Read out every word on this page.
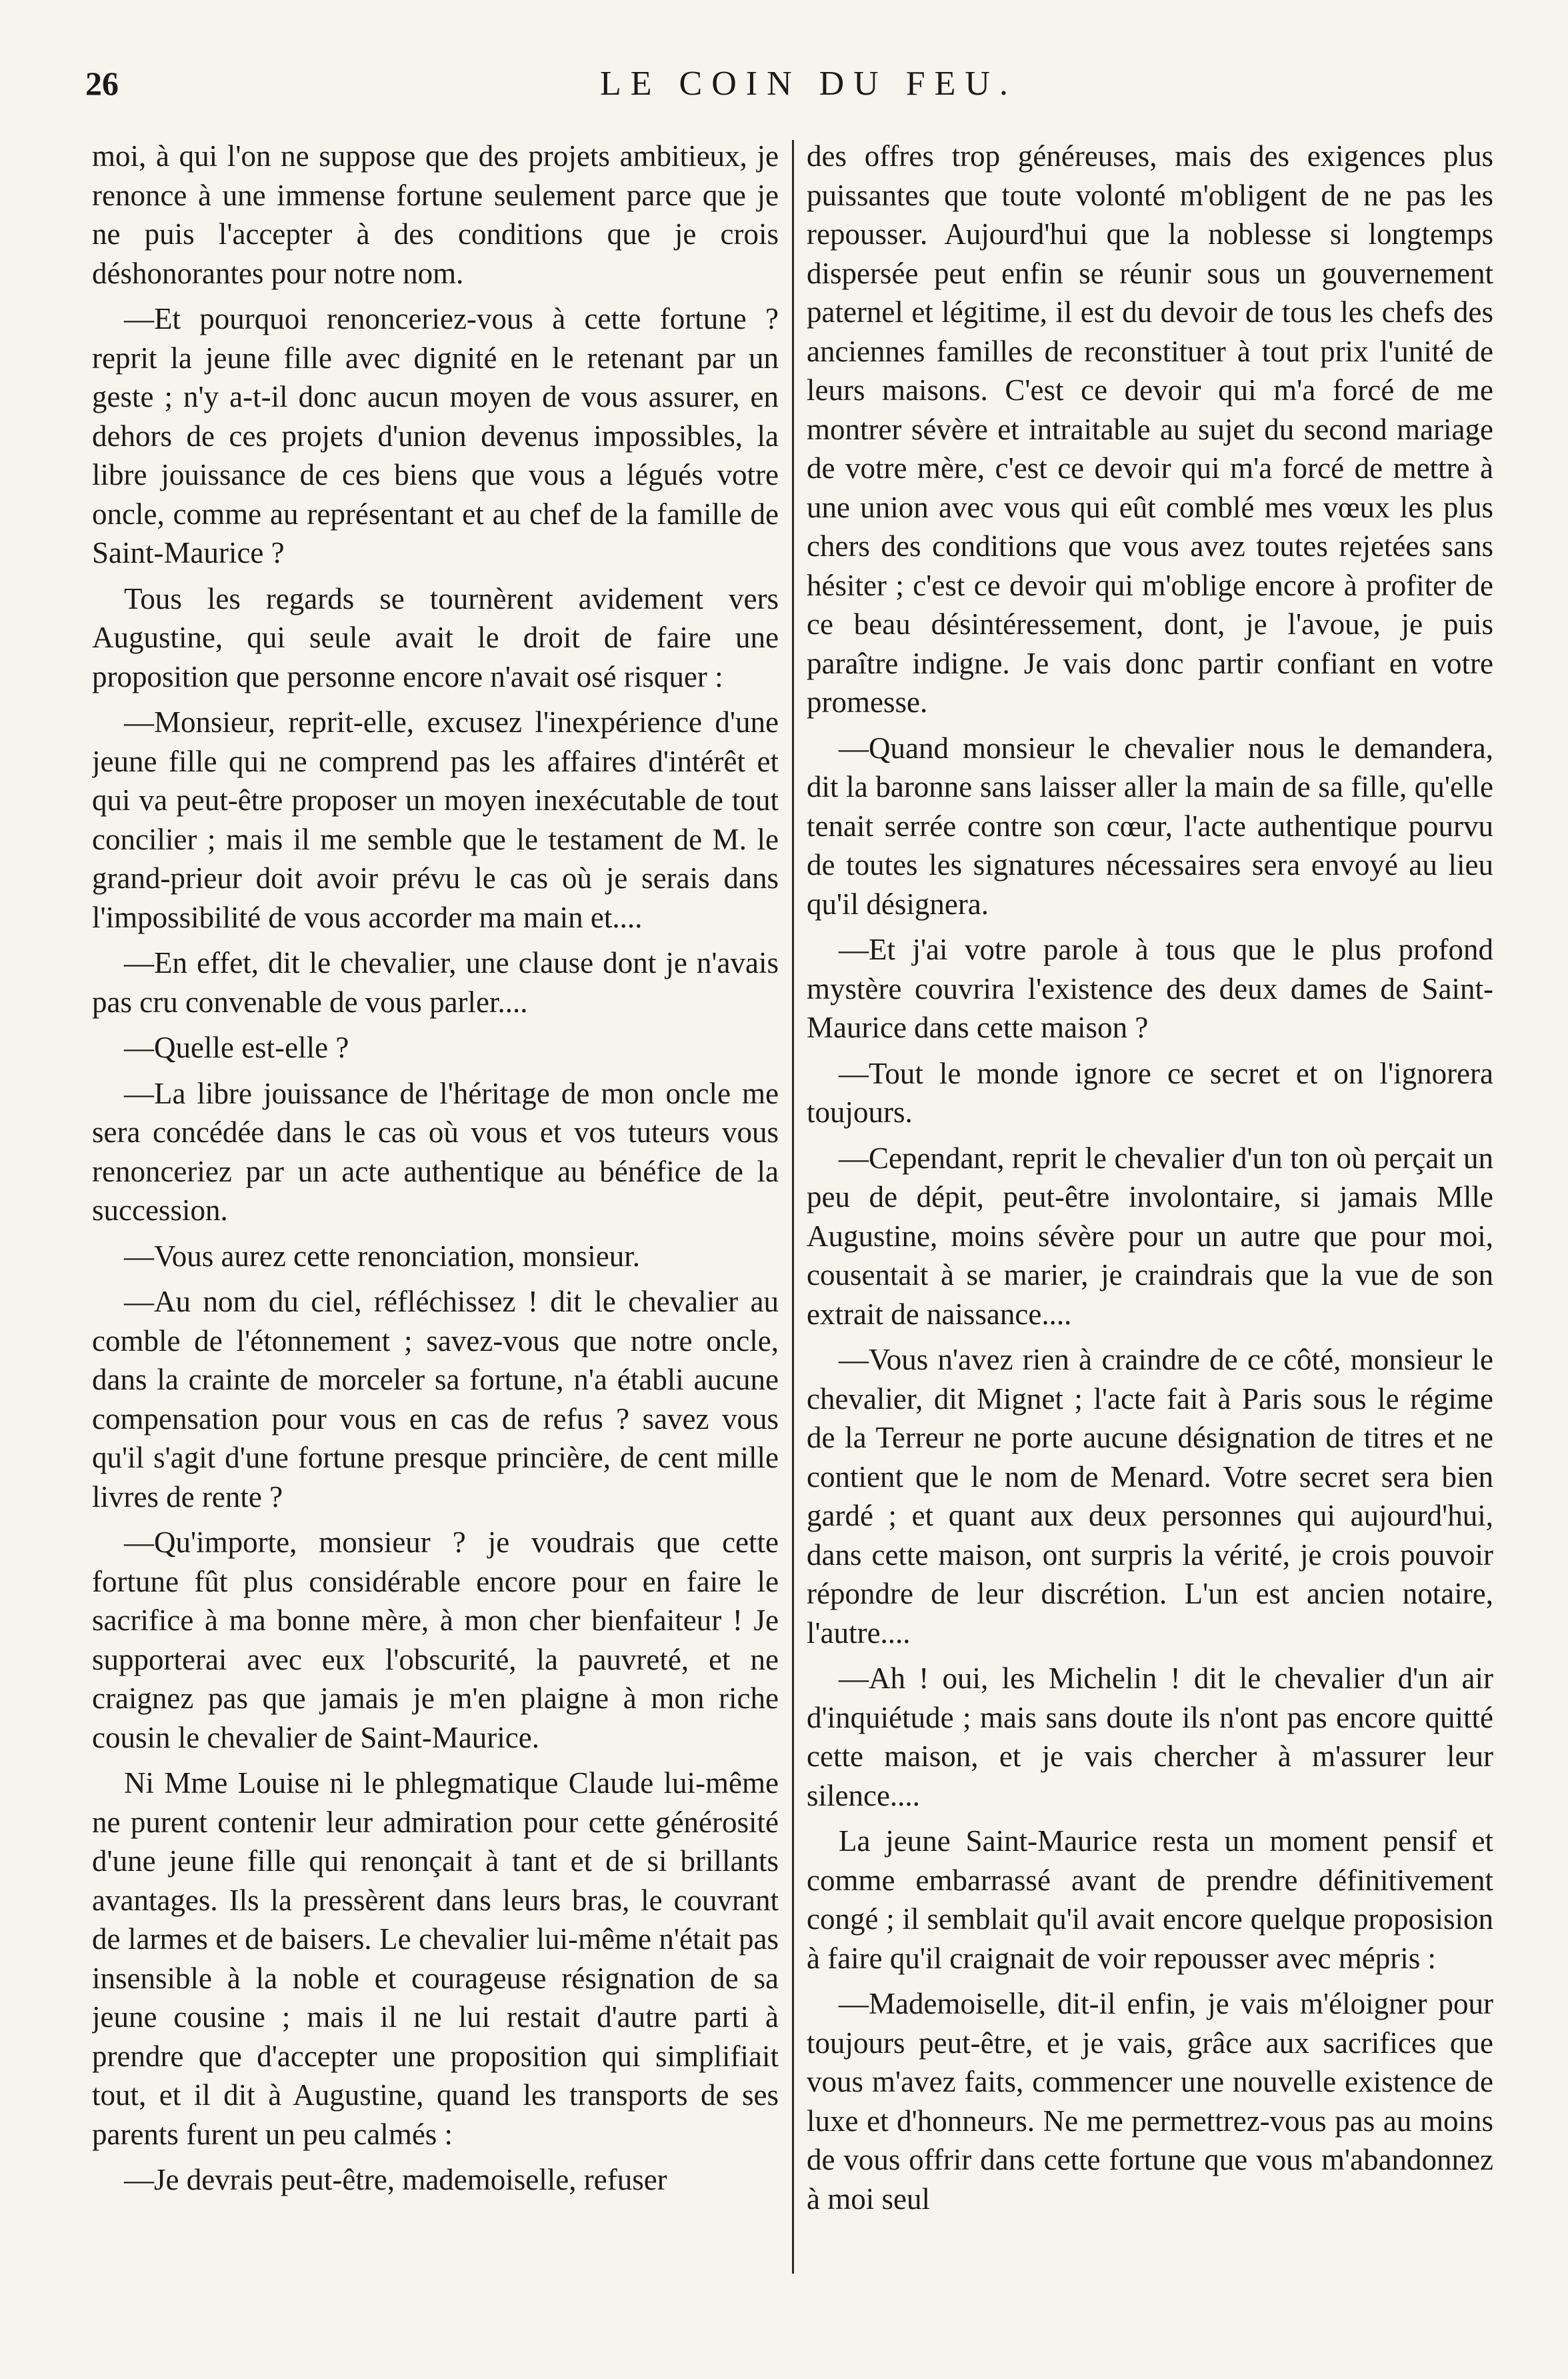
26	LE COIN DU FEU.

moi, à qui l'on ne suppose que des projets ambitieux, je renonce à une immense fortune seulement parce que je ne puis l'accepter à des conditions que je crois déshonorantes pour notre nom.

—Et pourquoi renonceriez-vous à cette fortune ? reprit la jeune fille avec dignité en le retenant par un geste ; n'y a-t-il donc aucun moyen de vous assurer, en dehors de ces projets d'union devenus impossibles, la libre jouissance de ces biens que vous a légués votre oncle, comme au représentant et au chef de la famille de Saint-Maurice ?

Tous les regards se tournèrent avidement vers Augustine, qui seule avait le droit de faire une proposition que personne encore n'avait osé risquer :

—Monsieur, reprit-elle, excusez l'inexpérience d'une jeune fille qui ne comprend pas les affaires d'intérêt et qui va peut-être proposer un moyen inexécutable de tout concilier ; mais il me semble que le testament de M. le grand-prieur doit avoir prévu le cas où je serais dans l'impossibilité de vous accorder ma main et....

—En effet, dit le chevalier, une clause dont je n'avais pas cru convenable de vous parler....

—Quelle est-elle ?

—La libre jouissance de l'héritage de mon oncle me sera concédée dans le cas où vous et vos tuteurs vous renonceriez par un acte authentique au bénéfice de la succession.

—Vous aurez cette renonciation, monsieur.

—Au nom du ciel, réfléchissez ! dit le chevalier au comble de l'étonnement ; savez-vous que notre oncle, dans la crainte de morceler sa fortune, n'a établi aucune compensation pour vous en cas de refus ? savez vous qu'il s'agit d'une fortune presque princière, de cent mille livres de rente ?

—Qu'importe, monsieur ? je voudrais que cette fortune fût plus considérable encore pour en faire le sacrifice à ma bonne mère, à mon cher bienfaiteur ! Je supporterai avec eux l'obscurité, la pauvreté, et ne craignez pas que jamais je m'en plaigne à mon riche cousin le chevalier de Saint-Maurice.

Ni Mme Louise ni le phlegmatique Claude lui-même ne purent contenir leur admiration pour cette générosité d'une jeune fille qui renonçait à tant et de si brillants avantages. Ils la pressèrent dans leurs bras, le couvrant de larmes et de baisers. Le chevalier lui-même n'était pas insensible à la noble et courageuse résignation de sa jeune cousine ; mais il ne lui restait d'autre parti à prendre que d'accepter une proposition qui simplifiait tout, et il dit à Augustine, quand les transports de ses parents furent un peu calmés :

—Je devrais peut-être, mademoiselle, refuser

des offres trop généreuses, mais des exigences plus puissantes que toute volonté m'obligent de ne pas les repousser. Aujourd'hui que la noblesse si longtemps dispersée peut enfin se réunir sous un gouvernement paternel et légitime, il est du devoir de tous les chefs des anciennes familles de reconstituer à tout prix l'unité de leurs maisons. C'est ce devoir qui m'a forcé de me montrer sévère et intraitable au sujet du second mariage de votre mère, c'est ce devoir qui m'a forcé de mettre à une union avec vous qui eût comblé mes vœux les plus chers des conditions que vous avez toutes rejetées sans hésiter ; c'est ce devoir qui m'oblige encore à profiter de ce beau désintéressement, dont, je l'avoue, je puis paraître indigne. Je vais donc partir confiant en votre promesse.

—Quand monsieur le chevalier nous le demandera, dit la baronne sans laisser aller la main de sa fille, qu'elle tenait serrée contre son cœur, l'acte authentique pourvu de toutes les signatures nécessaires sera envoyé au lieu qu'il désignera.

—Et j'ai votre parole à tous que le plus profond mystère couvrira l'existence des deux dames de Saint-Maurice dans cette maison ?

—Tout le monde ignore ce secret et on l'ignorera toujours.

—Cependant, reprit le chevalier d'un ton où perçait un peu de dépit, peut-être involontaire, si jamais Mlle Augustine, moins sévère pour un autre que pour moi, cousentait à se marier, je craindrais que la vue de son extrait de naissance....

—Vous n'avez rien à craindre de ce côté, monsieur le chevalier, dit Mignet ; l'acte fait à Paris sous le régime de la Terreur ne porte aucune désignation de titres et ne contient que le nom de Menard. Votre secret sera bien gardé ; et quant aux deux personnes qui aujourd'hui, dans cette maison, ont surpris la vérité, je crois pouvoir répondre de leur discrétion. L'un est ancien notaire, l'autre....

—Ah ! oui, les Michelin ! dit le chevalier d'un air d'inquiétude ; mais sans doute ils n'ont pas encore quitté cette maison, et je vais chercher à m'assurer leur silence....

La jeune Saint-Maurice resta un moment pensif et comme embarrassé avant de prendre définitivement congé ; il semblait qu'il avait encore quelque proposision à faire qu'il craignait de voir repousser avec mépris :

—Mademoiselle, dit-il enfin, je vais m'éloigner pour toujours peut-être, et je vais, grâce aux sacrifices que vous m'avez faits, commencer une nouvelle existence de luxe et d'honneurs. Ne me permettrez-vous pas au moins de vous offrir dans cette fortune que vous m'abandonnez à moi seul
